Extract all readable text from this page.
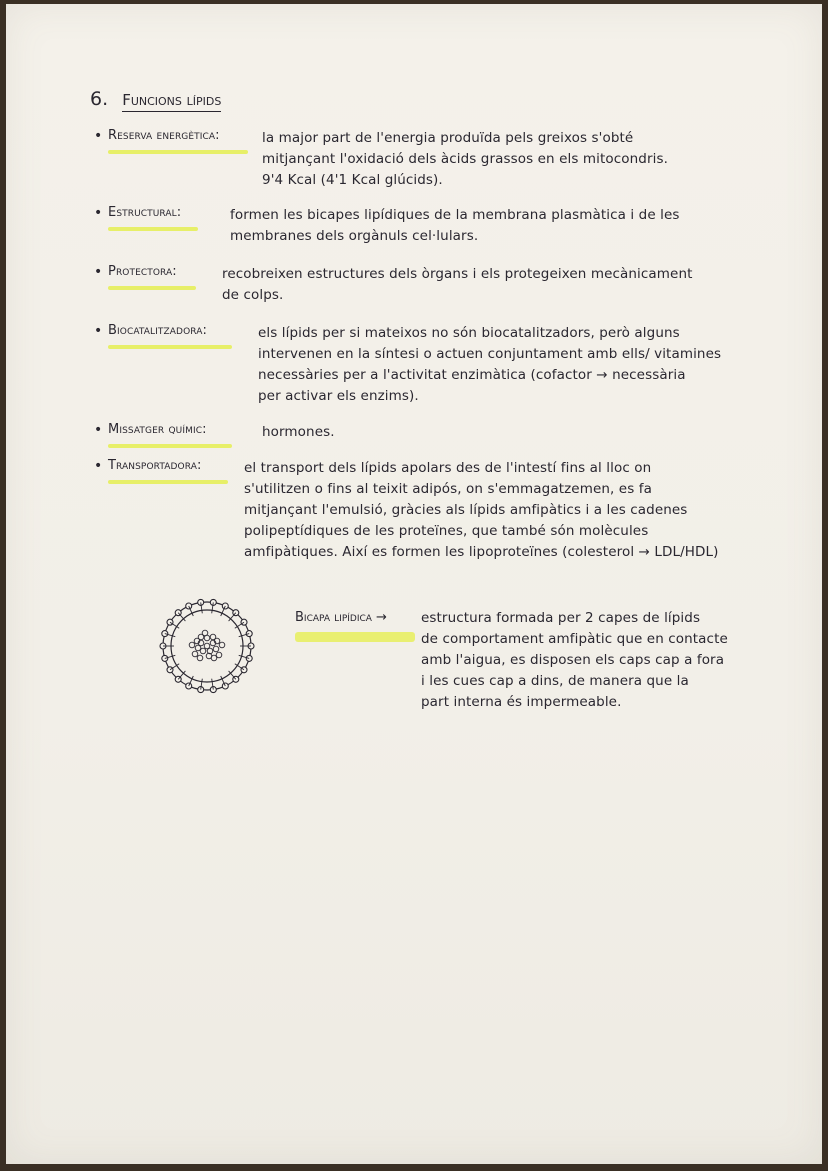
6. Funcions lípids
• Reserva energètica:	la major part de l'energia produïda pels greixos s'obté
mitjançant l'oxidació dels àcids grassos en els mitocondris.
9'4 Kcal (4'1 Kcal glúcids).
• Estructural:	formen les bicapes lipídiques de la membrana plasmàtica i de les
membranes dels orgànuls cel·lulars.
• Protectora:	recobreixen estructures dels òrgans i els protegeixen mecànicament
de colps.
• Biocatalitzadora:	els lípids per si mateixos no són biocatalitzadors, però alguns
intervenen en la síntesi o actuen conjuntament amb ells/ vitamines
necessàries per a l'activitat enzimàtica (cofactor → necessària
per activar els enzims).
• Missatger químic:	hormones.
• Transportadora:	el transport dels lípids apolars des de l'intestí fins al lloc on
s'utilitzen o fins al teixit adipós, on s'emmagatzemen, es fa
mitjançant l'emulsió, gràcies als lípids amfipàtics i a les cadenes
polipeptídiques de les proteïnes, que també són molècules
amfipàtiques. Així es formen les lipoproteïnes (colesterol → LDL/HDL)
Bicapa lipídica →	estructura formada per 2 capes de lípids
de comportament amfipàtic que en contacte
amb l'aigua, es disposen els caps cap a fora
i les cues cap a dins, de manera que la
part interna és impermeable.
